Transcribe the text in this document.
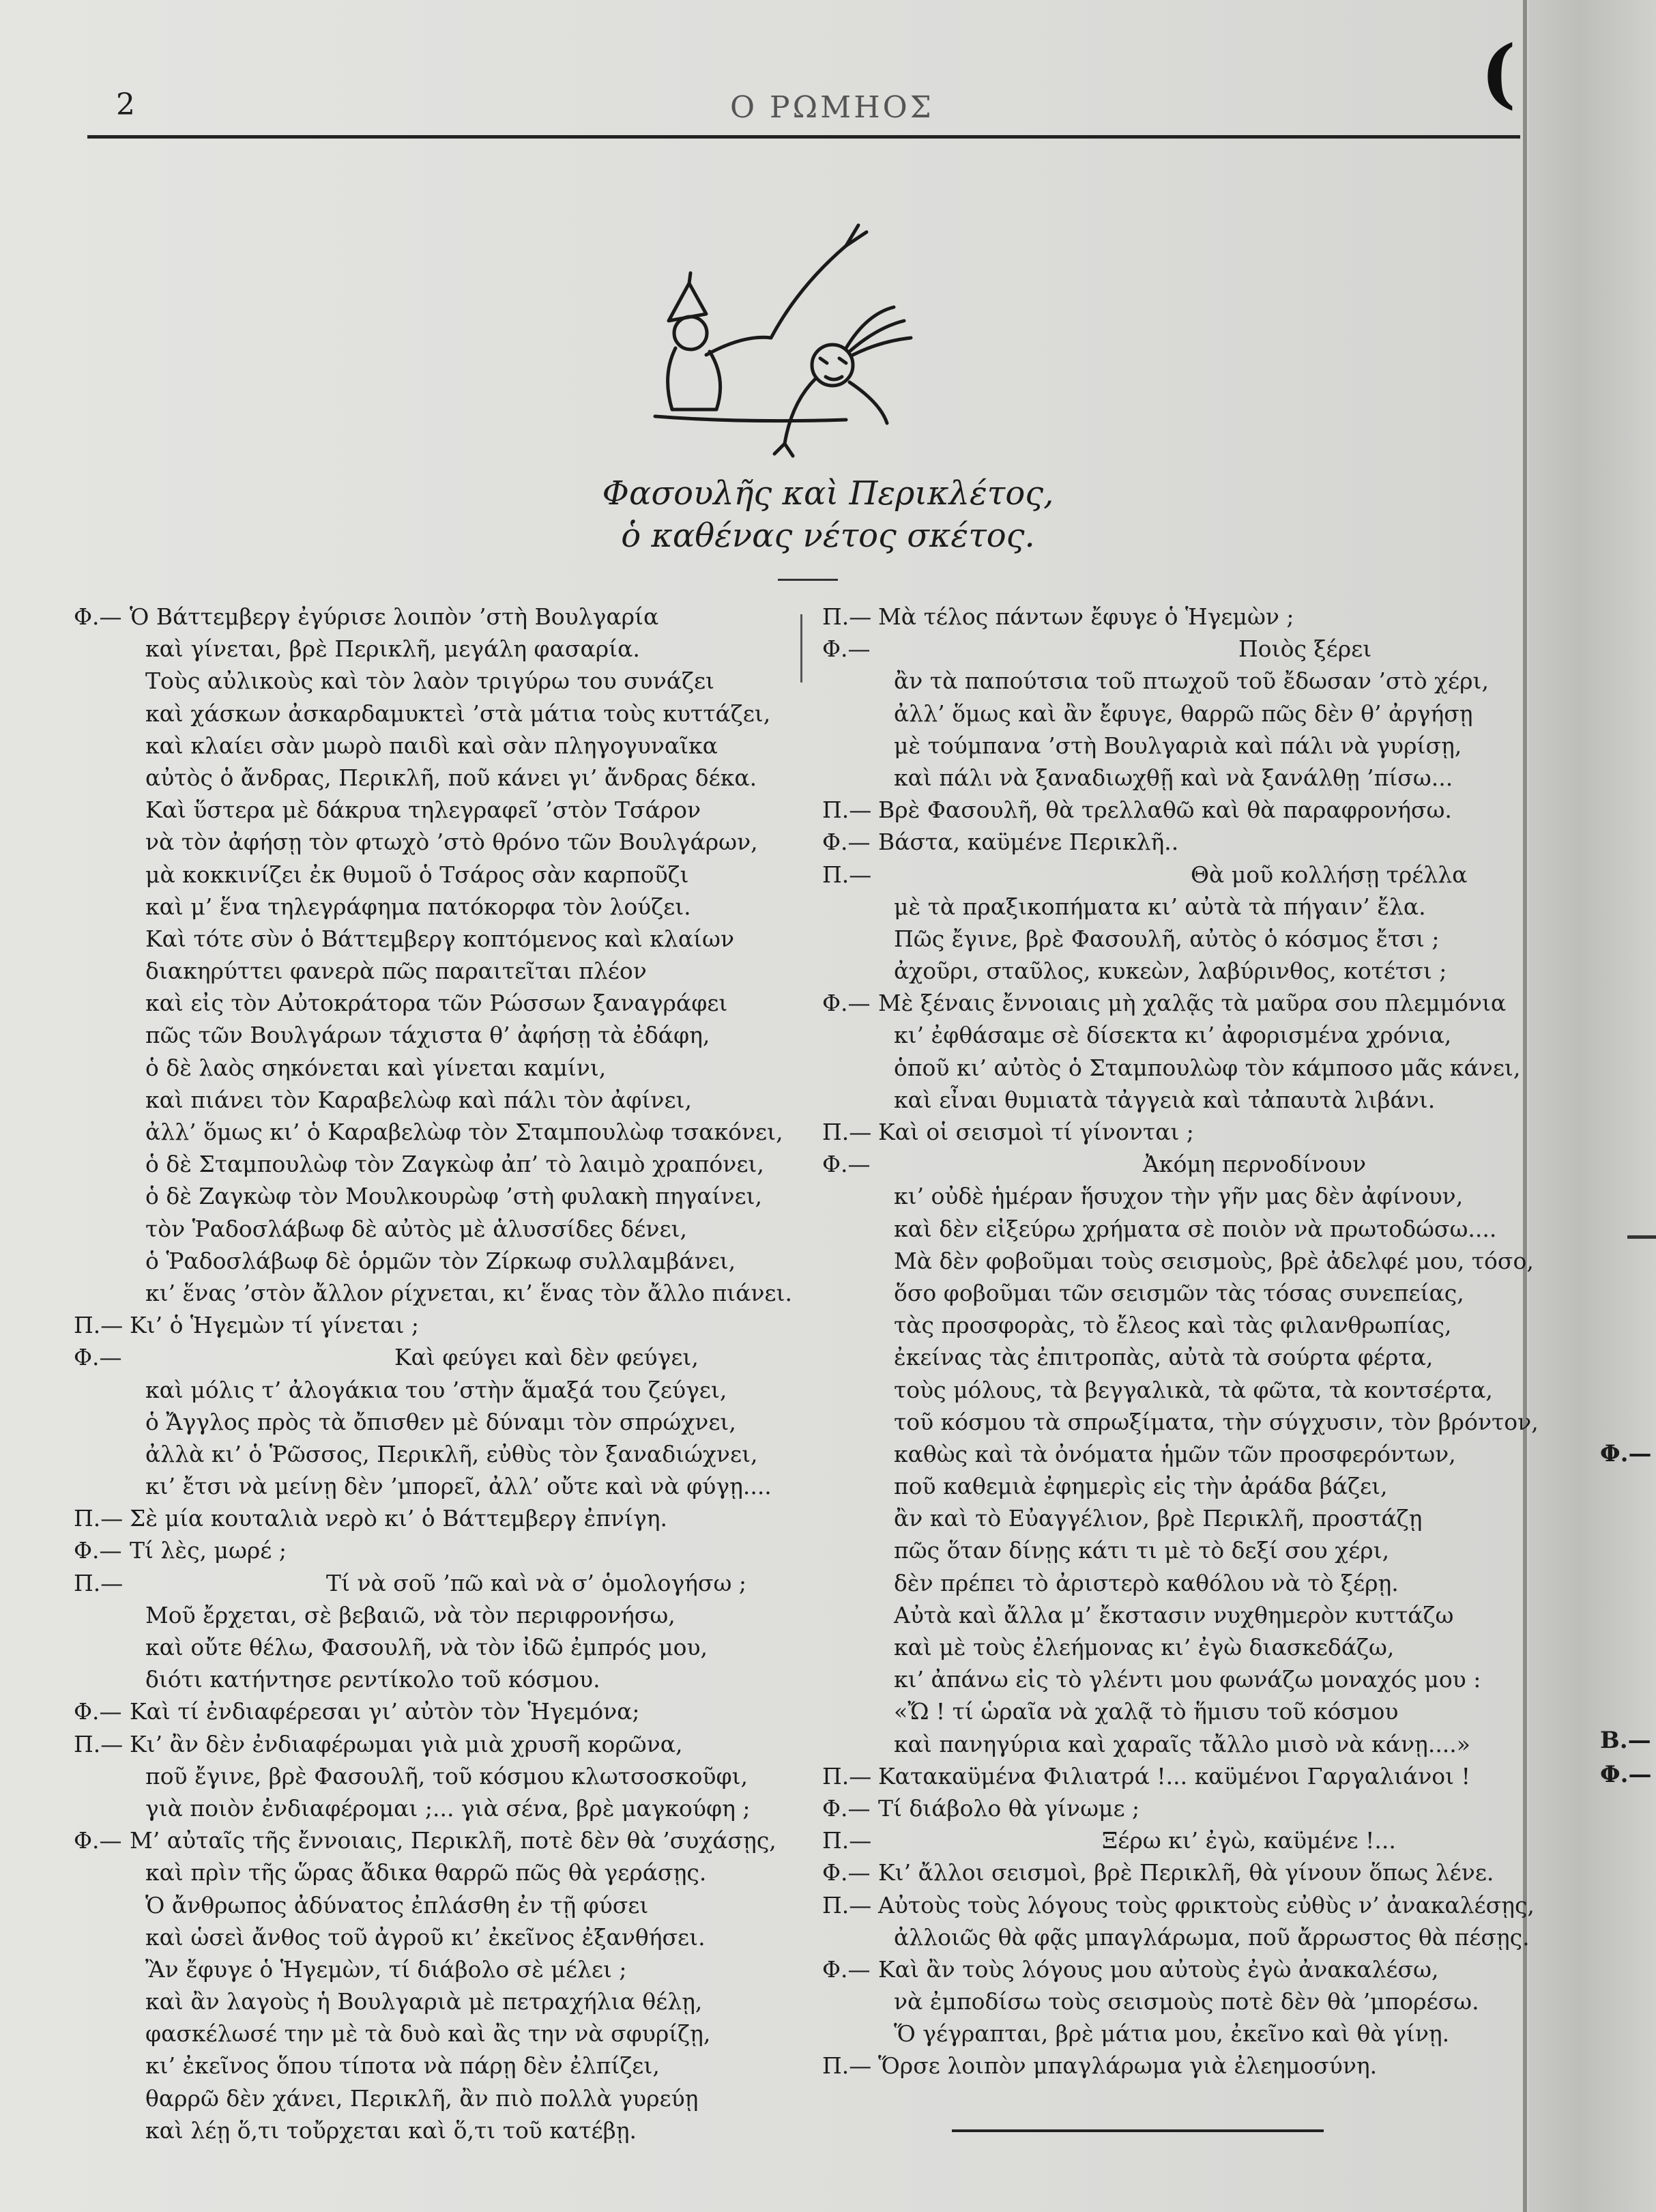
2	Ο ΡΩΜΗΟΣ	(
Φασουλῆς καὶ Περικλέτος,
ὁ καθένας νέτος σκέτος.
Φ.— Ὁ Βάττεμβεργ ἐγύρισε λοιπὸν ’στὴ Βουλγαρία
καὶ γίνεται, βρὲ Περικλῆ, μεγάλη φασαρία.
Τοὺς αὐλικοὺς καὶ τὸν λαὸν τριγύρω του συνάζει
καὶ χάσκων ἀσκαρδαμυκτεὶ ’στὰ μάτια τοὺς κυττάζει,
καὶ κλαίει σὰν μωρὸ παιδὶ καὶ σὰν πληγογυναῖκα
αὐτὸς ὁ ἄνδρας, Περικλῆ, ποῦ κάνει γι’ ἄνδρας δέκα.
Καὶ ὕστερα μὲ δάκρυα τηλεγραφεῖ ’στὸν Τσάρον
νὰ τὸν ἀφήσῃ τὸν φτωχὸ ’στὸ θρόνο τῶν Βουλγάρων,
μὰ κοκκινίζει ἐκ θυμοῦ ὁ Τσάρος σὰν καρποῦζι
καὶ μ’ ἕνα τηλεγράφημα πατόκορφα τὸν λούζει.
Καὶ τότε σὺν ὁ Βάττεμβεργ κοπτόμενος καὶ κλαίων
διακηρύττει φανερὰ πῶς παραιτεῖται πλέον
καὶ εἰς τὸν Αὐτοκράτορα τῶν Ρώσσων ξαναγράφει
πῶς τῶν Βουλγάρων τάχιστα θ’ ἀφήσῃ τὰ ἐδάφη,
ὁ δὲ λαὸς σηκόνεται καὶ γίνεται καμίνι,
καὶ πιάνει τὸν Καραβελὼφ καὶ πάλι τὸν ἀφίνει,
ἀλλ’ ὅμως κι’ ὁ Καραβελὼφ τὸν Σταμπουλὼφ τσακόνει,
ὁ δὲ Σταμπουλὼφ τὸν Ζαγκὼφ ἀπ’ τὸ λαιμὸ χραπόνει,
ὁ δὲ Ζαγκὼφ τὸν Μουλκουρὼφ ’στὴ φυλακὴ πηγαίνει,
τὸν Ῥαδοσλάβωφ δὲ αὐτὸς μὲ ἁλυσσίδες δένει,
ὁ Ῥαδοσλάβωφ δὲ ὁρμῶν τὸν Ζίρκωφ συλλαμβάνει,
κι’ ἕνας ’στὸν ἄλλον ρίχνεται, κι’ ἕνας τὸν ἄλλο πιάνει.
Π.— Κι’ ὁ Ἡγεμὼν τί γίνεται ;
Φ.—	Καὶ φεύγει καὶ δὲν φεύγει,
καὶ μόλις τ’ ἀλογάκια του ’στὴν ἅμαξά του ζεύγει,
ὁ Ἄγγλος πρὸς τὰ ὄπισθεν μὲ δύναμι τὸν σπρώχνει,
ἀλλὰ κι’ ὁ Ῥῶσσος, Περικλῆ, εὐθὺς τὸν ξαναδιώχνει,
κι’ ἔτσι νὰ μείνῃ δὲν ’μπορεῖ, ἀλλ’ οὔτε καὶ νὰ φύγῃ....
Π.— Σὲ μία κουταλιὰ νερὸ κι’ ὁ Βάττεμβεργ ἐπνίγη.
Φ.— Τί λὲς, μωρέ ;
Π.—	Τί νὰ σοῦ ’πῶ καὶ νὰ σ’ ὁμολογήσω ;
Μοῦ ἔρχεται, σὲ βεβαιῶ, νὰ τὸν περιφρονήσω,
καὶ οὔτε θέλω, Φασουλῆ, νὰ τὸν ἰδῶ ἐμπρός μου,
διότι κατήντησε ρεντίκολο τοῦ κόσμου.
Φ.— Καὶ τί ἐνδιαφέρεσαι γι’ αὐτὸν τὸν Ἡγεμόνα;
Π.— Κι’ ἂν δὲν ἐνδιαφέρωμαι γιὰ μιὰ χρυσῆ κορῶνα,
ποῦ ἔγινε, βρὲ Φασουλῆ, τοῦ κόσμου κλωτσοσκοῦφι,
γιὰ ποιὸν ἐνδιαφέρομαι ;... γιὰ σένα, βρὲ μαγκούφη ;
Φ.— Μ’ αὐταῖς τῆς ἔννοιαις, Περικλῆ, ποτὲ δὲν θὰ ’συχάσῃς,
καὶ πρὶν τῆς ὥρας ἄδικα θαρρῶ πῶς θὰ γεράσῃς.
Ὁ ἄνθρωπος ἀδύνατος ἐπλάσθη ἐν τῇ φύσει
καὶ ὡσεὶ ἄνθος τοῦ ἀγροῦ κι’ ἐκεῖνος ἐξανθήσει.
Ἂν ἔφυγε ὁ Ἡγεμὼν, τί διάβολο σὲ μέλει ;
καὶ ἂν λαγοὺς ἡ Βουλγαριὰ μὲ πετραχήλια θέλῃ,
φασκέλωσέ την μὲ τὰ δυὸ καὶ ἂς την νὰ σφυρίζῃ,
κι’ ἐκεῖνος ὅπου τίποτα νὰ πάρῃ δὲν ἐλπίζει,
θαρρῶ δὲν χάνει, Περικλῆ, ἂν πιὸ πολλὰ γυρεύῃ
καὶ λέῃ ὅ,τι τοὔρχεται καὶ ὅ,τι τοῦ κατέβῃ.
Π.— Μὰ τέλος πάντων ἔφυγε ὁ Ἡγεμὼν ;
Φ.—	Ποιὸς ξέρει
ἂν τὰ παπούτσια τοῦ πτωχοῦ τοῦ ἔδωσαν ’στὸ χέρι,
ἀλλ’ ὅμως καὶ ἂν ἔφυγε, θαρρῶ πῶς δὲν θ’ ἀργήσῃ
μὲ τούμπανα ’στὴ Βουλγαριὰ καὶ πάλι νὰ γυρίσῃ,
καὶ πάλι νὰ ξαναδιωχθῇ καὶ νὰ ξανάλθῃ ’πίσω...
Π.— Βρὲ Φασουλῆ, θὰ τρελλαθῶ καὶ θὰ παραφρονήσω.
Φ.— Βάστα, καϋμένε Περικλῆ..
Π.—	Θὰ μοῦ κολλήσῃ τρέλλα
μὲ τὰ πραξικοπήματα κι’ αὐτὰ τὰ πήγαιν’ ἔλα.
Πῶς ἔγινε, βρὲ Φασουλῆ, αὐτὸς ὁ κόσμος ἔτσι ;
ἀχοῦρι, σταῦλος, κυκεὼν, λαβύρινθος, κοτέτσι ;
Φ.— Μὲ ξέναις ἔννοιαις μὴ χαλᾷς τὰ μαῦρα σου πλεμμόνια
κι’ ἐφθάσαμε σὲ δίσεκτα κι’ ἀφορισμένα χρόνια,
ὁποῦ κι’ αὐτὸς ὁ Σταμπουλὼφ τὸν κάμποσο μᾶς κάνει,
καὶ εἶναι θυμιατὰ τἀγγειὰ καὶ τἀπαυτὰ λιβάνι.
Π.— Καὶ οἱ σεισμοὶ τί γίνονται ;
Φ.—	Ἀκόμη περνοδίνουν
κι’ οὐδὲ ἡμέραν ἥσυχον τὴν γῆν μας δὲν ἀφίνουν,
καὶ δὲν εἰξεύρω χρήματα σὲ ποιὸν νὰ πρωτοδώσω....
Μὰ δὲν φοβοῦμαι τοὺς σεισμοὺς, βρὲ ἀδελφέ μου, τόσο,
ὅσο φοβοῦμαι τῶν σεισμῶν τὰς τόσας συνεπείας,
τὰς προσφορὰς, τὸ ἔλεος καὶ τὰς φιλανθρωπίας,
ἐκείνας τὰς ἐπιτροπὰς, αὐτὰ τὰ σούρτα φέρτα,
τοὺς μόλους, τὰ βεγγαλικὰ, τὰ φῶτα, τὰ κοντσέρτα,
τοῦ κόσμου τὰ σπρωξίματα, τὴν σύγχυσιν, τὸν βρόντον,
καθὼς καὶ τὰ ὀνόματα ἡμῶν τῶν προσφερόντων,
ποῦ καθεμιὰ ἐφημερὶς εἰς τὴν ἀράδα βάζει,
ἂν καὶ τὸ Εὐαγγέλιον, βρὲ Περικλῆ, προστάζῃ
πῶς ὅταν δίνῃς κάτι τι μὲ τὸ δεξί σου χέρι,
δὲν πρέπει τὸ ἀριστερὸ καθόλου νὰ τὸ ξέρῃ.
Αὐτὰ καὶ ἄλλα μ’ ἔκστασιν νυχθημερὸν κυττάζω
καὶ μὲ τοὺς ἐλεήμονας κι’ ἐγὼ διασκεδάζω,
κι’ ἀπάνω εἰς τὸ γλέντι μου φωνάζω μοναχός μου :
«Ὤ ! τί ὡραῖα νὰ χαλᾷ τὸ ἥμισυ τοῦ κόσμου
καὶ πανηγύρια καὶ χαραῖς τἄλλο μισὸ νὰ κάνῃ....»
Π.— Κατακαϋμένα Φιλιατρά !... καϋμένοι Γαργαλιάνοι !
Φ.— Τί διάβολο θὰ γίνωμε ;
Π.—	Ξέρω κι’ ἐγὼ, καϋμένε !...
Φ.— Κι’ ἄλλοι σεισμοὶ, βρὲ Περικλῆ, θὰ γίνουν ὅπως λένε.
Π.— Αὐτοὺς τοὺς λόγους τοὺς φρικτοὺς εὐθὺς ν’ ἀνακαλέσῃς,
ἀλλοιῶς θὰ φᾷς μπαγλάρωμα, ποῦ ἄρρωστος θὰ πέσῃς.
Φ.— Καὶ ἂν τοὺς λόγους μου αὐτοὺς ἐγὼ ἀνακαλέσω,
νὰ ἐμποδίσω τοὺς σεισμοὺς ποτὲ δὲν θὰ ’μπορέσω.
Ὅ γέγραπται, βρὲ μάτια μου, ἐκεῖνο καὶ θὰ γίνῃ.
Π.— Ὅρσε λοιπὸν μπαγλάρωμα γιὰ ἐλεημοσύνη.
Φ.—
Β.—
Φ.—
